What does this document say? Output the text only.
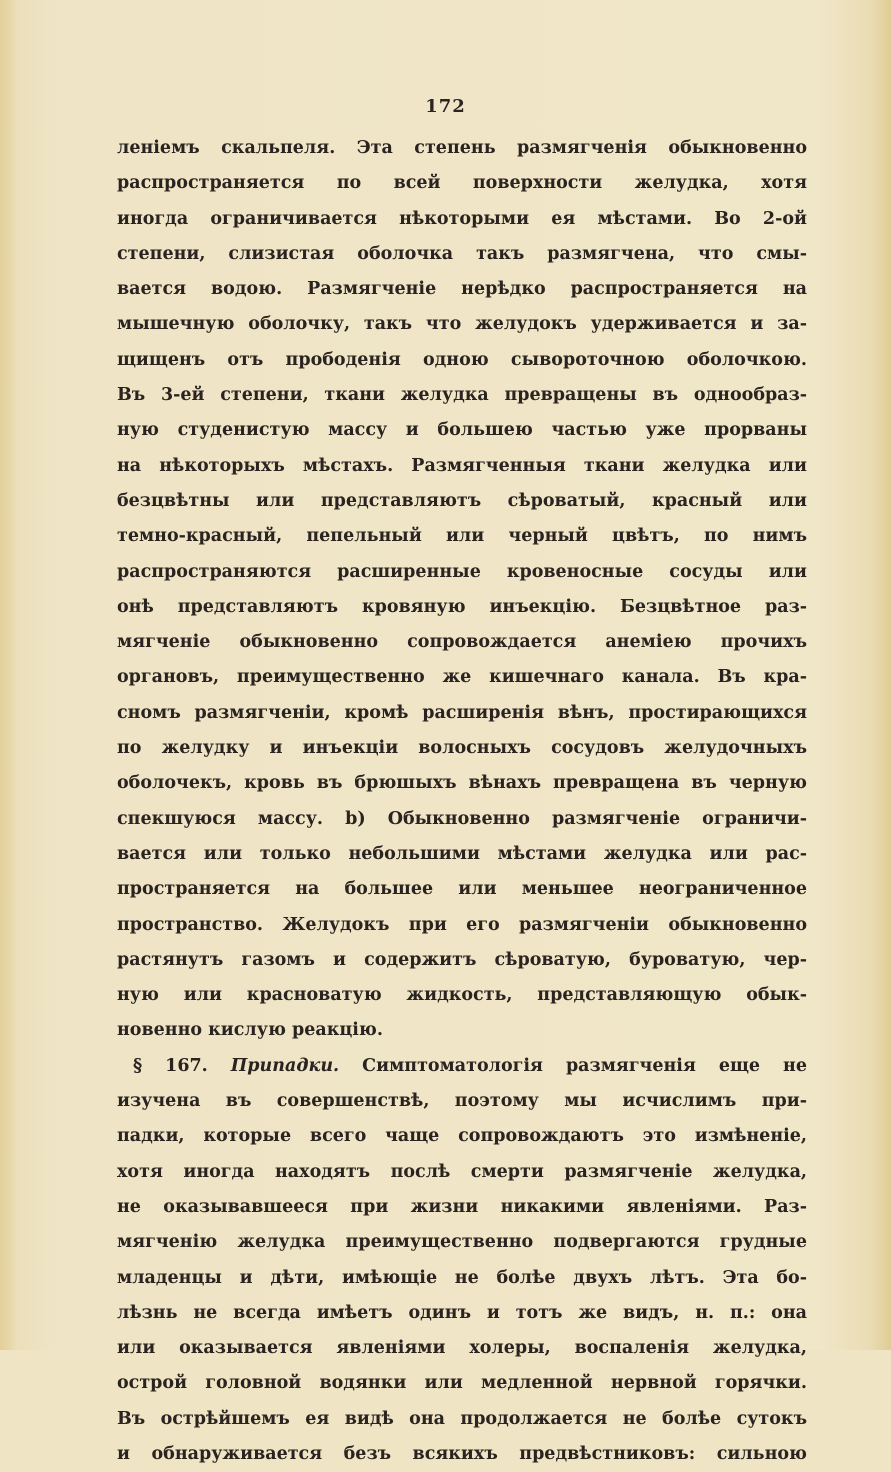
172
леніемъ скальпеля. Эта степень размягченія обыкновенно
распространяется по всей поверхности желудка, хотя
иногда ограничивается нѣкоторыми ея мѣстами. Во 2-ой
степени, слизистая оболочка такъ размягчена, что смы-
вается водою. Размягченіе нерѣдко распространяется на
мышечную оболочку, такъ что желудокъ удерживается и за-
щищенъ отъ прободенія одною сывороточною оболочкою.
Въ 3-ей степени, ткани желудка превращены въ однообраз-
ную студенистую массу и большею частью уже прорваны
на нѣкоторыхъ мѣстахъ. Размягченныя ткани желудка или
безцвѣтны или представляютъ сѣроватый, красный или
темно-красный, пепельный или черный цвѣтъ, по нимъ
распространяются расширенные кровеносные сосуды или
онѣ представляютъ кровяную инъекцію. Безцвѣтное раз-
мягченіе обыкновенно сопровождается анеміею прочихъ
органовъ, преимущественно же кишечнаго канала. Въ кра-
сномъ размягченіи, кромѣ расширенія вѣнъ, простирающихся
по желудку и инъекціи волосныхъ сосудовъ желудочныхъ
оболочекъ, кровь въ брюшыхъ вѣнахъ превращена въ черную
спекшуюся массу. b) Обыкновенно размягченіе ограничи-
вается или только небольшими мѣстами желудка или рас-
пространяется на большее или меньшее неограниченное
пространство. Желудокъ при его размягченіи обыкновенно
растянутъ газомъ и содержитъ сѣроватую, буроватую, чер-
ную или красноватую жидкость, представляющую обык-
новенно кислую реакцію.
§ 167. Припадки. Симптоматологія размягченія еще не
изучена въ совершенствѣ, поэтому мы исчислимъ при-
падки, которые всего чаще сопровождаютъ это измѣненіе,
хотя иногда находятъ послѣ смерти размягченіе желудка,
не оказывавшееся при жизни никакими явленіями. Раз-
мягченію желудка преимущественно подвергаются грудные
младенцы и дѣти, имѣющіе не болѣе двухъ лѣтъ. Эта бо-
лѣзнь не всегда имѣетъ одинъ и тотъ же видъ, н. п.: она
или оказывается явленіями холеры, воспаленія желудка,
острой головной водянки или медленной нервной горячки.
Въ острѣйшемъ ея видѣ она продолжается не болѣе сутокъ
и обнаруживается безъ всякихъ предвѣстниковъ: сильною
